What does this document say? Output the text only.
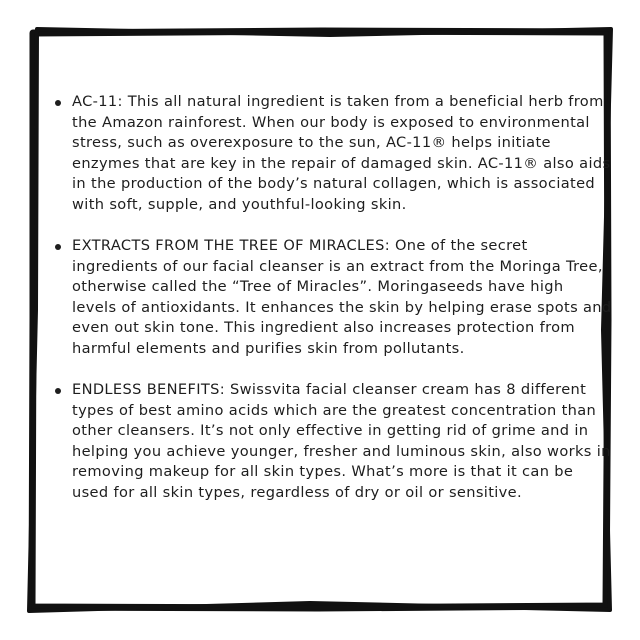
AC-11: This all natural ingredient is taken from a beneficial herb from the Amazon rainforest. When our body is exposed to environmental stress, such as overexposure to the sun, AC-11® helps initiate enzymes that are key in the repair of damaged skin. AC-11® also aids in the production of the body’s natural collagen, which is associated with soft, supple, and youthful-looking skin.
EXTRACTS FROM THE TREE OF MIRACLES: One of the secret ingredients of our facial cleanser is an extract from the Moringa Tree, otherwise called the “Tree of Miracles”. Moringaseeds have high levels of antioxidants. It enhances the skin by helping erase spots and even out skin tone. This ingredient also increases protection from harmful elements and purifies skin from pollutants.
ENDLESS BENEFITS: Swissvita facial cleanser cream has 8 different types of best amino acids which are the greatest concentration than other cleansers. It’s not only effective in getting rid of grime and in helping you achieve younger, fresher and luminous skin, also works in removing makeup for all skin types. What’s more is that it can be used for all skin types, regardless of dry or oil or sensitive.
